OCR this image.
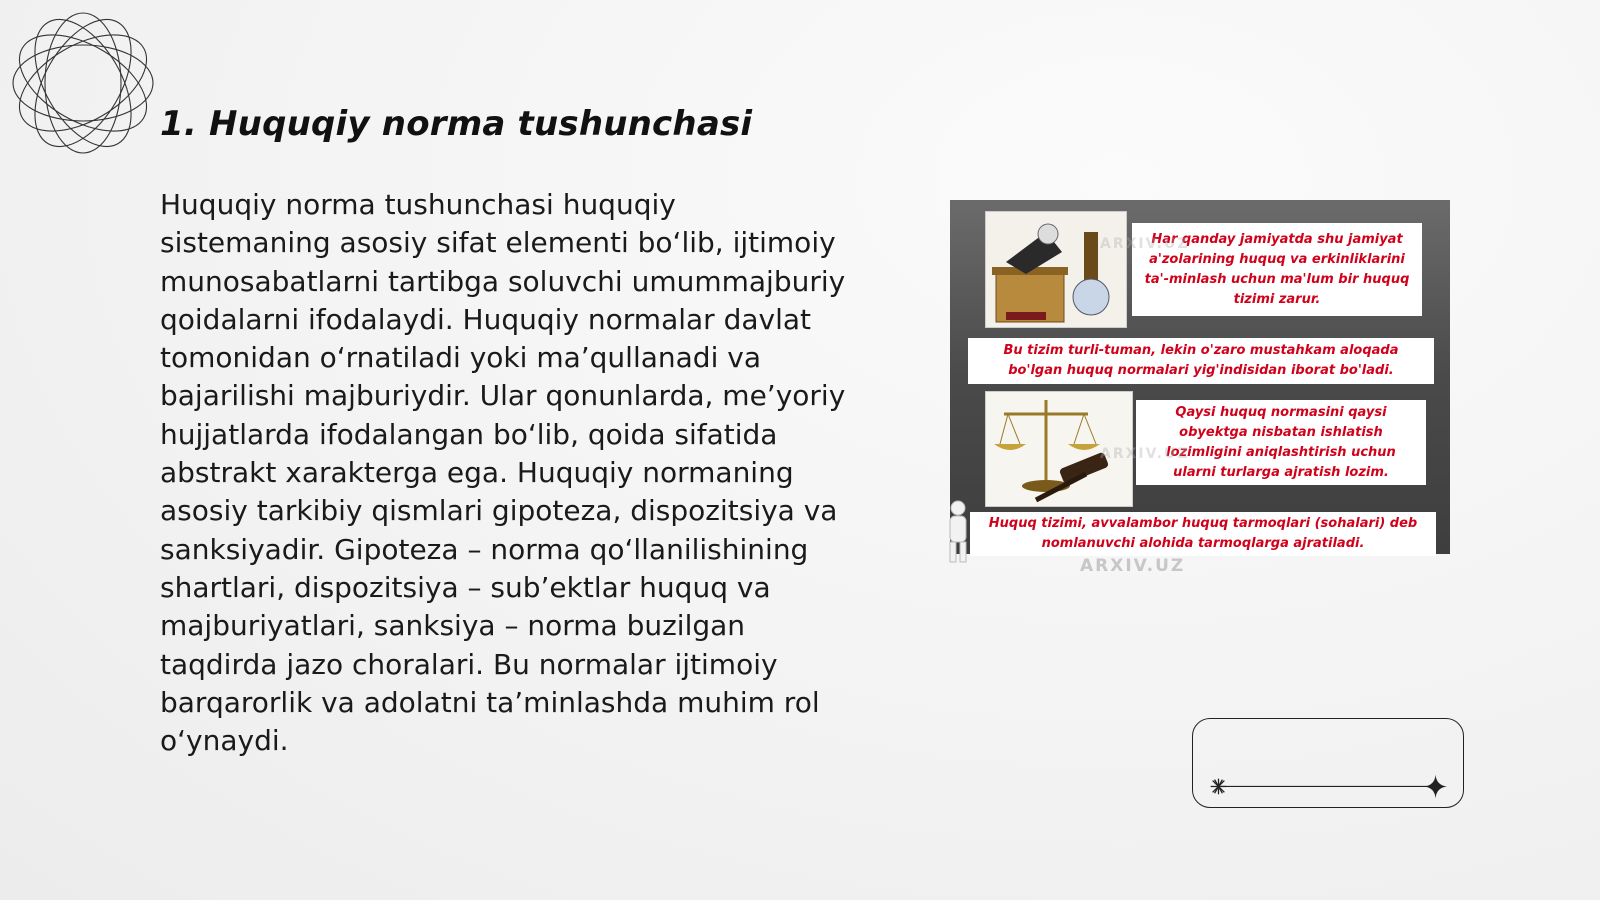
1. Huquqiy norma tushunchasi

Huquqiy norma tushunchasi huquqiy sistemaning asosiy sifat elementi bo‘lib, ijtimoiy munosabatlarni tartibga soluvchi umummajburiy qoidalarni ifodalaydi. Huquqiy normalar davlat tomonidan o‘rnatiladi yoki ma’qullanadi va bajarilishi majburiydir. Ular qonunlarda, me’yoriy hujjatlarda ifodalangan bo‘lib, qoida sifatida abstrakt xarakterga ega. Huquqiy normaning asosiy tarkibiy qismlari gipoteza, dispozitsiya va sanksiyadir. Gipoteza – norma qo‘llanilishining shartlari, dispozitsiya – sub’ektlar huquq va majburiyatlari, sanksiya – norma buzilgan taqdirda jazo choralari. Bu normalar ijtimoiy barqarorlik va adolatni ta’minlashda muhim rol o‘ynaydi.

Har qanday jamiyatda shu jamiyat a'zolarining huquq va erkinliklarini ta'-minlash uchun ma'lum bir huquq tizimi zarur.
Bu tizim turli-tuman, lekin o'zaro mustahkam aloqada bo'lgan huquq normalari yig'indisidan iborat bo'ladi.
Qaysi huquq normasini qaysi obyektga nisbatan ishlatish lozimligini aniqlashtirish uchun ularni turlarga ajratish lozim.
Huquq tizimi, avvalambor huquq tarmoqlari (sohalari) deb nomlanuvchi alohida tarmoqlarga ajratiladi.
ARXIV.UZ
ARXIV.UZ
ARXIV.UZ
